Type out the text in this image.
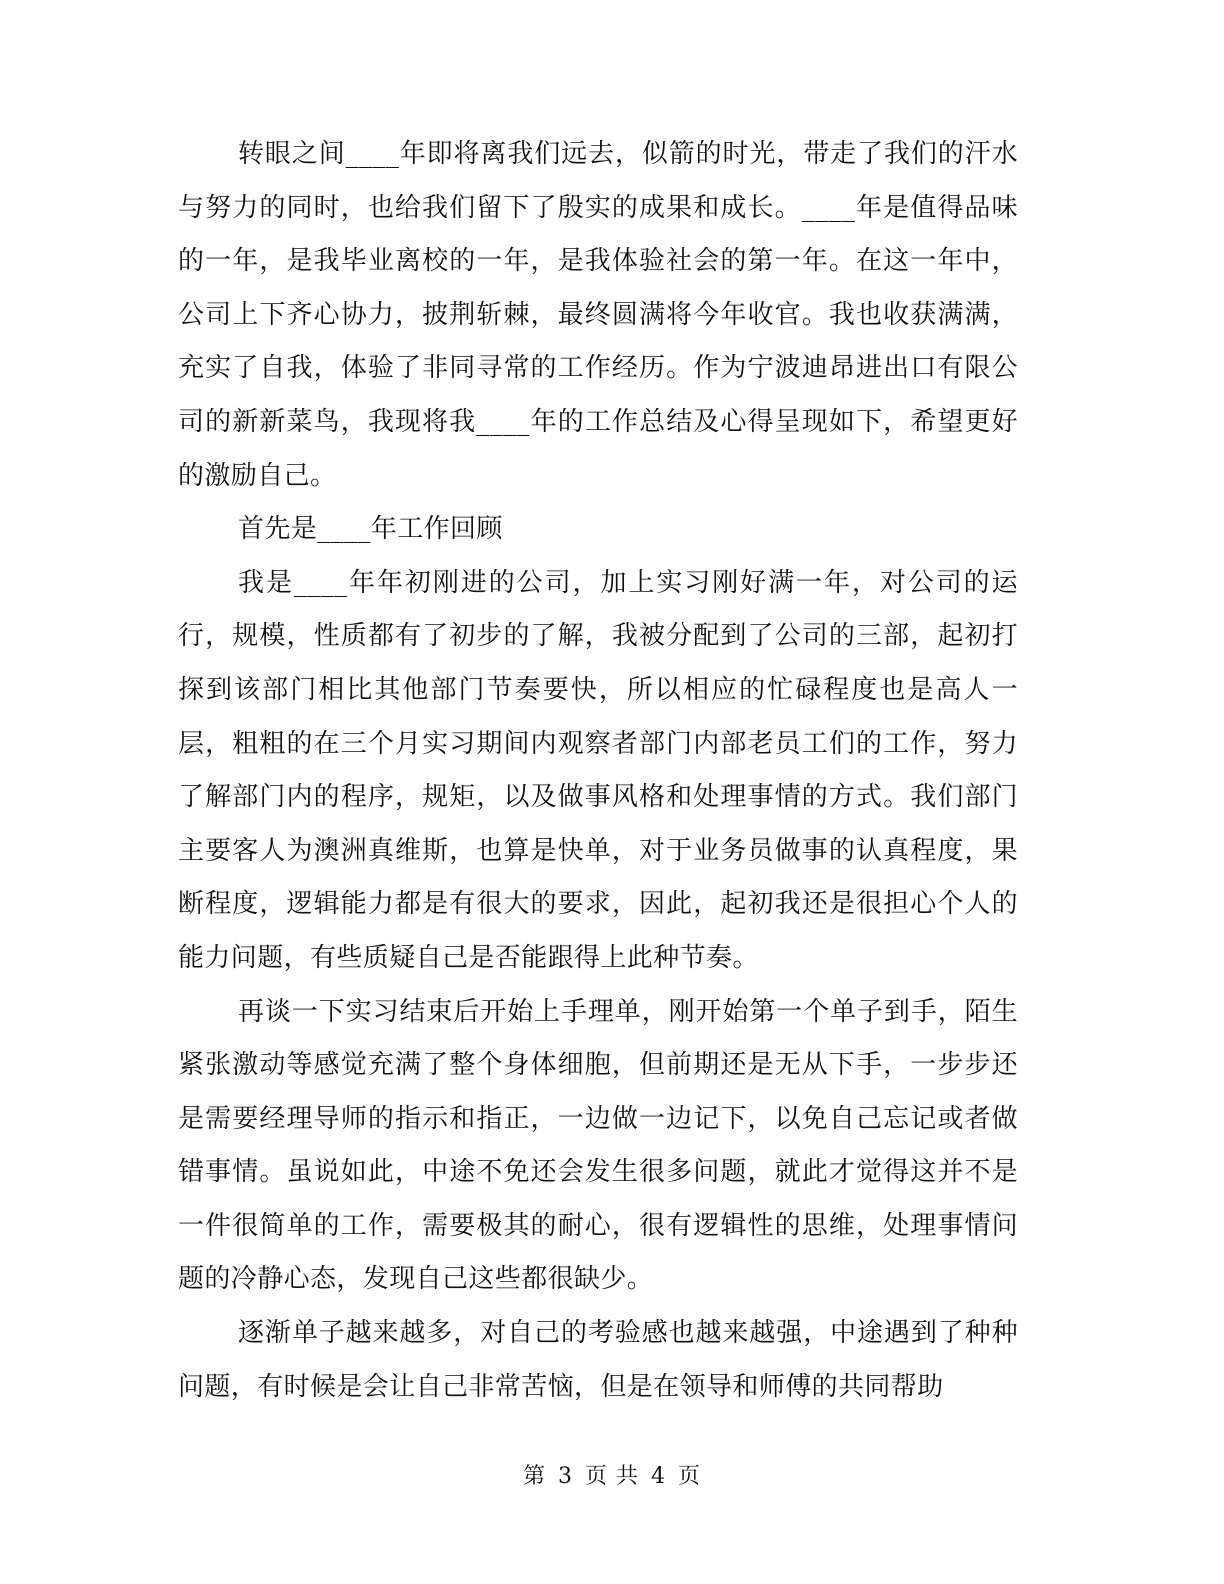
转眼之间____年即将离我们远去，似箭的时光，带走了我们的汗水与努力的同时，也给我们留下了殷实的成果和成长。____年是值得品味的一年，是我毕业离校的一年，是我体验社会的第一年。在这一年中，公司上下齐心协力，披荆斩棘，最终圆满将今年收官。我也收获满满，充实了自我，体验了非同寻常的工作经历。作为宁波迪昂进出口有限公司的新新菜鸟，我现将我____年的工作总结及心得呈现如下，希望更好的激励自己。

首先是____年工作回顾

我是____年年初刚进的公司，加上实习刚好满一年，对公司的运行，规模，性质都有了初步的了解，我被分配到了公司的三部，起初打探到该部门相比其他部门节奏要快，所以相应的忙碌程度也是高人一层，粗粗的在三个月实习期间内观察者部门内部老员工们的工作，努力了解部门内的程序，规矩，以及做事风格和处理事情的方式。我们部门主要客人为澳洲真维斯，也算是快单，对于业务员做事的认真程度，果断程度，逻辑能力都是有很大的要求，因此，起初我还是很担心个人的能力问题，有些质疑自己是否能跟得上此种节奏。

再谈一下实习结束后开始上手理单，刚开始第一个单子到手，陌生紧张激动等感觉充满了整个身体细胞，但前期还是无从下手，一步步还是需要经理导师的指示和指正，一边做一边记下，以免自己忘记或者做错事情。虽说如此，中途不免还会发生很多问题，就此才觉得这并不是一件很简单的工作，需要极其的耐心，很有逻辑性的思维，处理事情问题的冷静心态，发现自己这些都很缺少。

逐渐单子越来越多，对自己的考验感也越来越强，中途遇到了种种问题，有时候是会让自己非常苦恼，但是在领导和师傅的共同帮助

第 3 页 共 4 页
